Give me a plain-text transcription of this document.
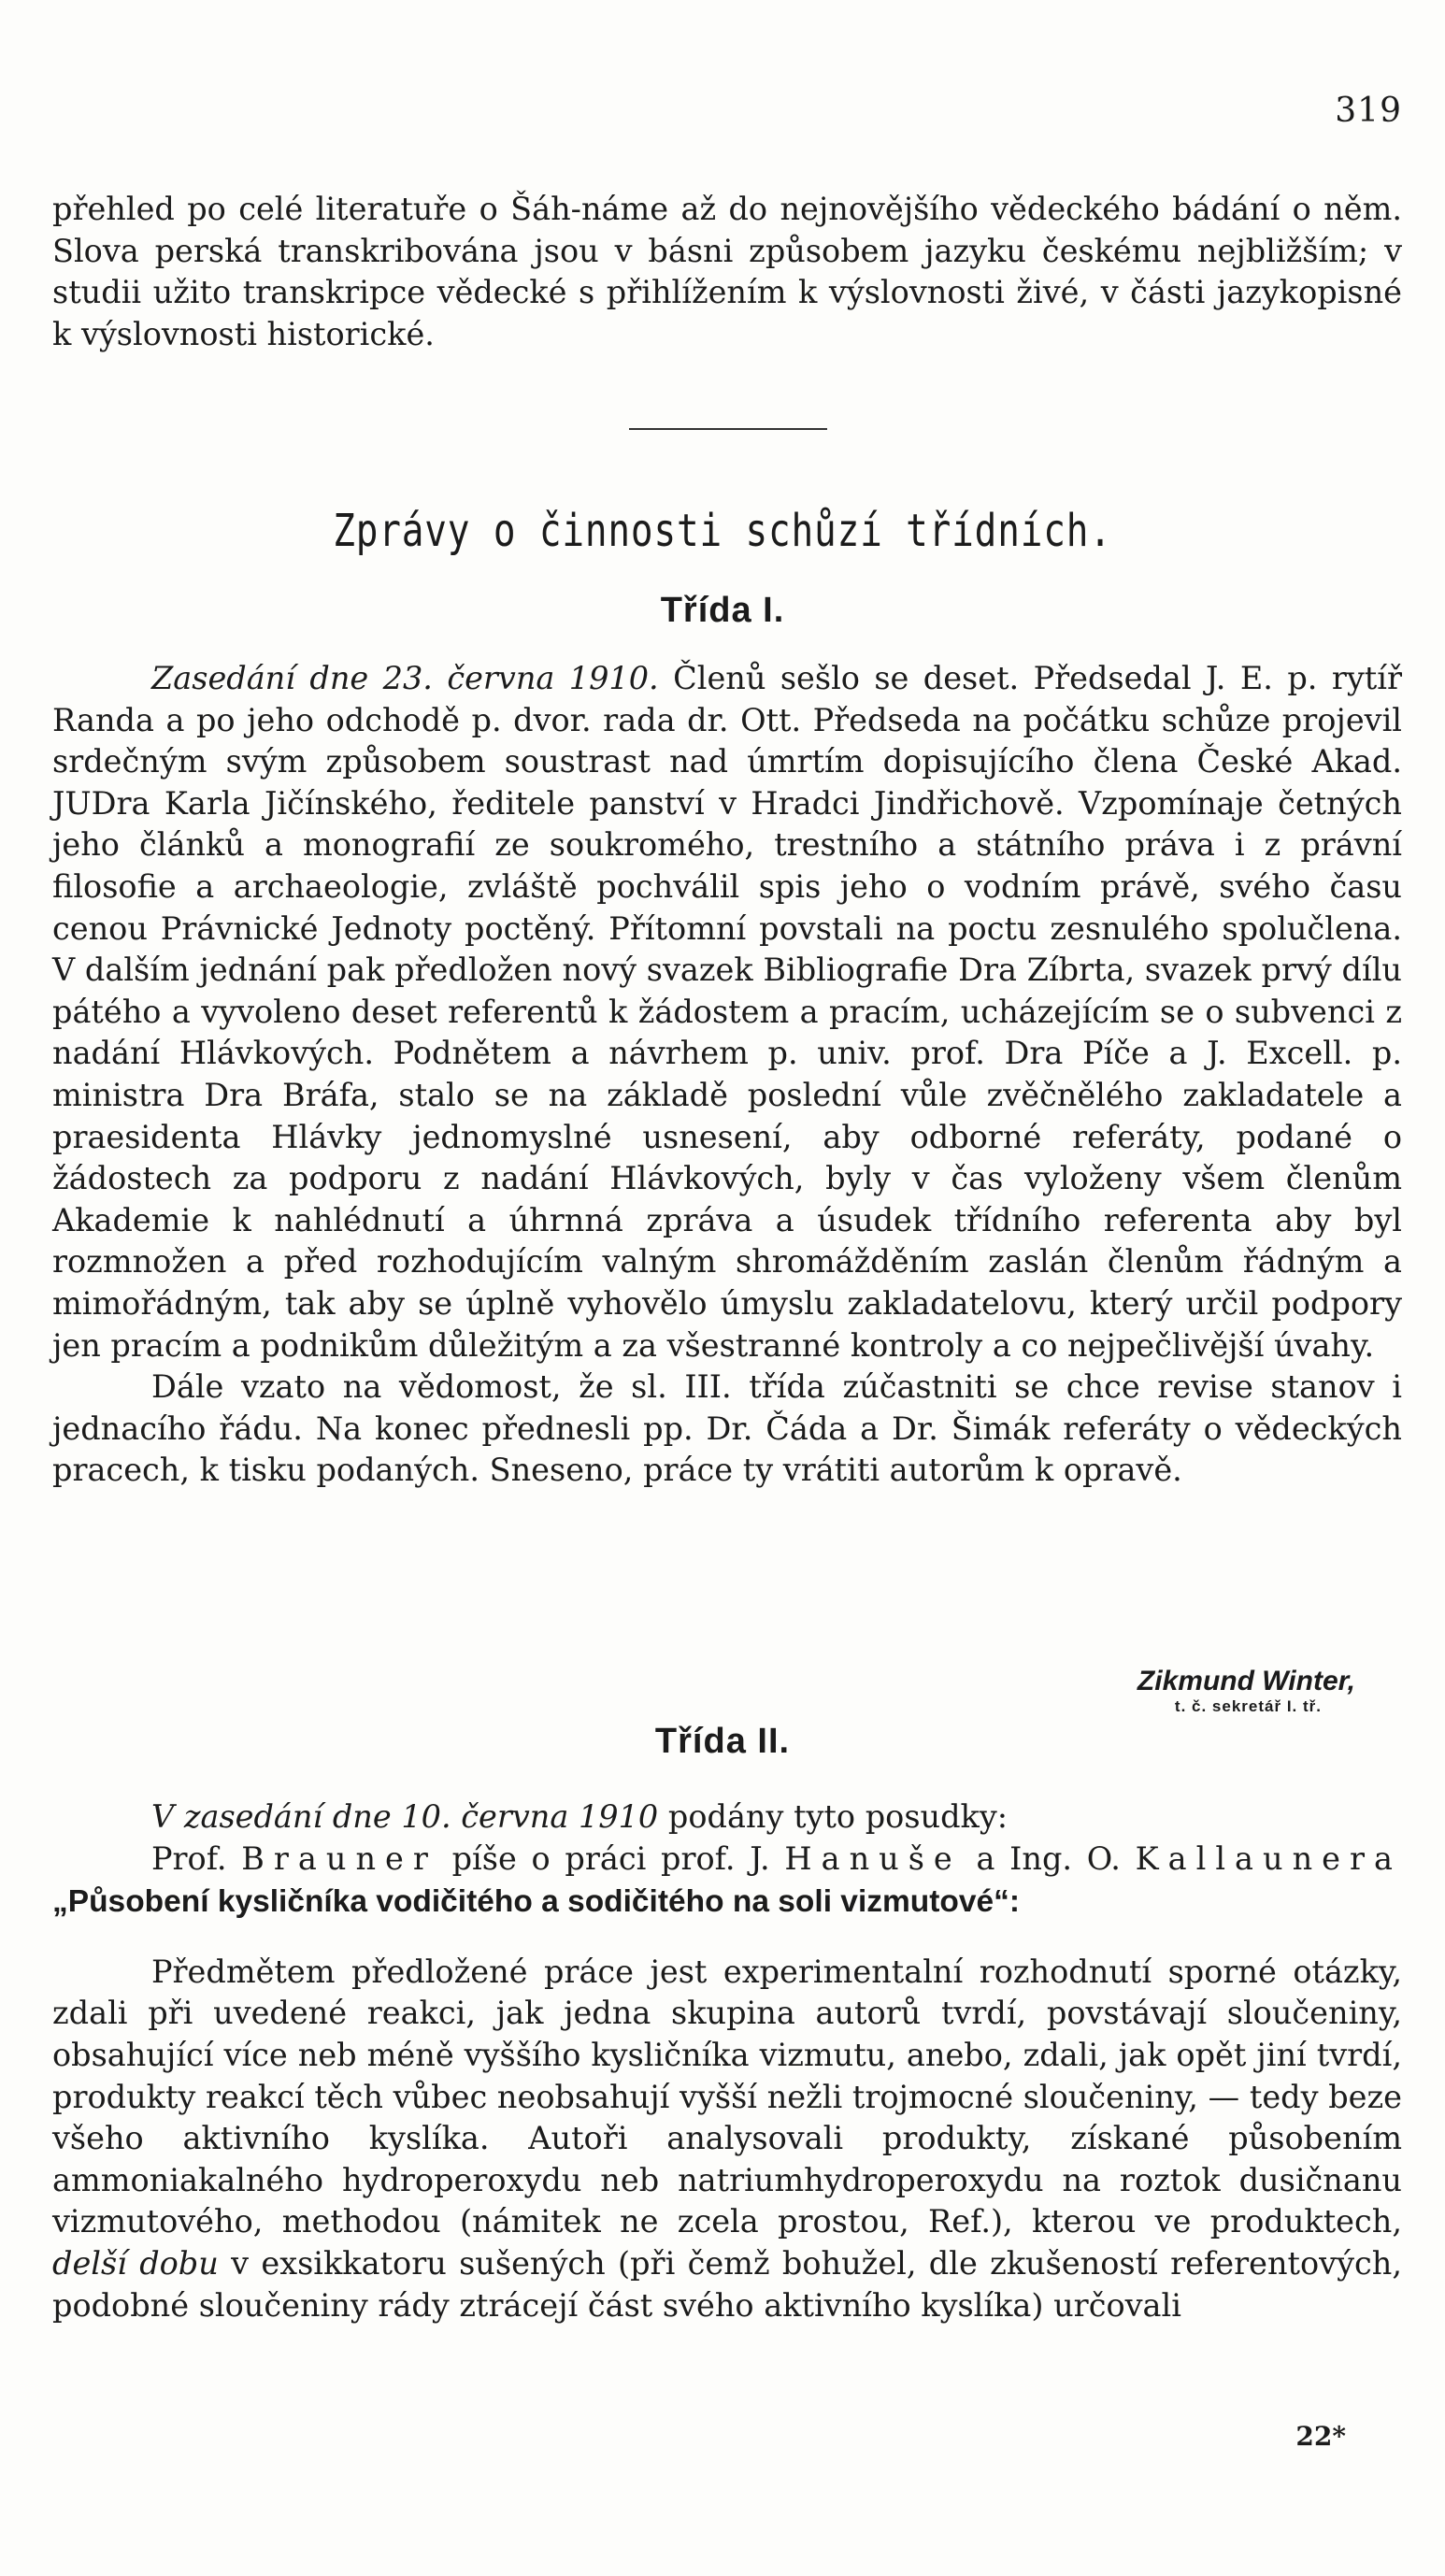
319

přehled po celé literatuře o Šáh-náme až do nejnovějšího vědeckého bádání o něm. Slova perská transkribována jsou v básni způsobem jazyku českému nejbližším; v studii užito transkripce vědecké s přihlížením k výslovnosti živé, v části jazykopisné k výslovnosti historické.

Zprávy o činnosti schůzí třídních.
Třída I.

Zasedání dne 23. června 1910. Členů sešlo se deset. Předsedal J. E. p. rytíř Randa a po jeho odchodě p. dvor. rada dr. Ott. Předseda na počátku schůze projevil srdečným svým způsobem soustrast nad úmrtím dopisujícího člena České Akad. JUDra Karla Jičínského, ředitele panství v Hradci Jindřichově. Vzpomínaje četných jeho článků a monografií ze soukromého, trestního a státního práva i z právní filosofie a archaeologie, zvláště pochválil spis jeho o vodním právě, svého času cenou Právnické Jednoty poctěný. Přítomní povstali na poctu zesnulého spolučlena. V dalším jednání pak předložen nový svazek Bibliografie Dra Zíbrta, svazek prvý dílu pátého a vyvoleno deset referentů k žádostem a pracím, ucházejícím se o subvenci z nadání Hlávkových. Podnětem a návrhem p. univ. prof. Dra Píče a J. Excell. p. ministra Dra Bráfa, stalo se na základě poslední vůle zvěčnělého zakladatele a praesidenta Hlávky jednomyslné usnesení, aby odborné referáty, podané o žádostech za podporu z nadání Hlávkových, byly v čas vyloženy všem členům Akademie k nahlédnutí a úhrnná zpráva a úsudek třídního referenta aby byl rozmnožen a před rozhodujícím valným shromážděním zaslán členům řádným a mimořádným, tak aby se úplně vyhovělo úmyslu zakladatelovu, který určil podpory jen pracím a podnikům důležitým a za všestranné kontroly a co nejpečlivější úvahy.

Dále vzato na vědomost, že sl. III. třída zúčastniti se chce revise stanov i jednacího řádu. Na konec přednesli pp. Dr. Čáda a Dr. Šimák referáty o vědeckých pracech, k tisku podaných. Sneseno, práce ty vrátiti autorům k opravě.

Zikmund Winter,
t. č. sekretář I. tř.
Třída II.

V zasedání dne 10. června 1910 podány tyto posudky:

Prof. Brauner píše o práci prof. J. Hanuše a Ing. O. Kallaunera „Působení kysličníka vodičitého a sodičitého na soli vizmutové“:

Předmětem předložené práce jest experimentalní rozhodnutí sporné otázky, zdali při uvedené reakci, jak jedna skupina autorů tvrdí, povstávají sloučeniny, obsahující více neb méně vyššího kysličníka vizmutu, anebo, zdali, jak opět jiní tvrdí, produkty reakcí těch vůbec neobsahují vyšší nežli trojmocné sloučeniny, — tedy beze všeho aktivního kyslíka. Autoři analysovali produkty, získané působením ammoniakalného hydroperoxydu neb natriumhydroperoxydu na roztok dusičnanu vizmutového, methodou (námitek ne zcela prostou, Ref.), kterou ve produktech, delší dobu v exsikkatoru sušených (při čemž bohužel, dle zkušeností referentových, podobné sloučeniny rády ztrácejí část svého aktivního kyslíka) určovali

22*
